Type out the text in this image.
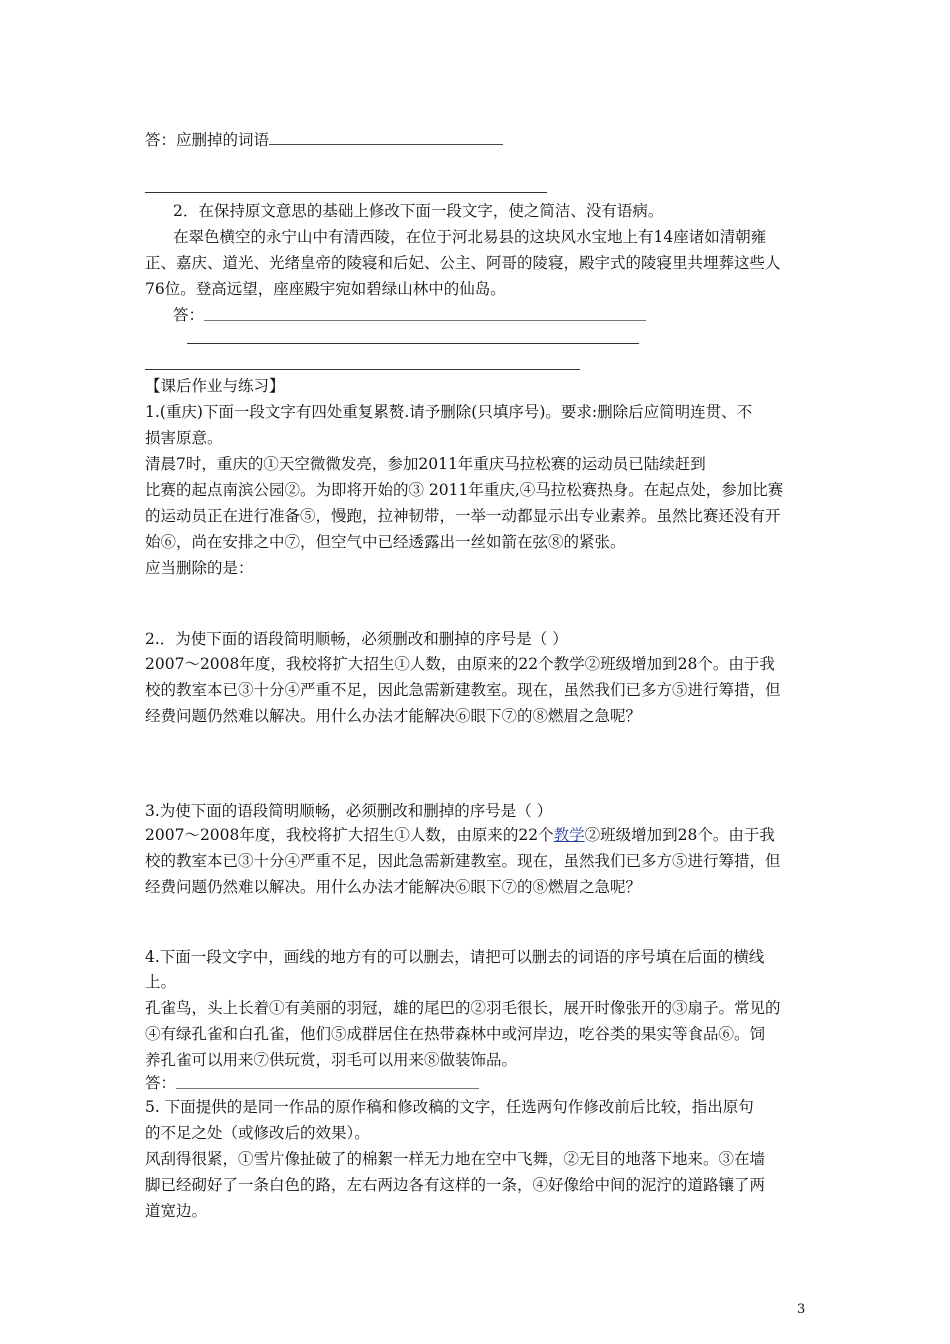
答：应删掉的词语
2．在保持原文意思的基础上修改下面一段文字，使之简洁、没有语病。
在翠色横空的永宁山中有清西陵，在位于河北易县的这块风水宝地上有14座诸如清朝雍
正、嘉庆、道光、光绪皇帝的陵寝和后妃、公主、阿哥的陵寝，殿宇式的陵寝里共埋葬这些人
76位。登高远望，座座殿宇宛如碧绿山林中的仙岛。
答：
【课后作业与练习】
1.(重庆)下面一段文字有四处重复累赘.请予删除(只填序号)。要求:删除后应简明连贯、不
损害原意。
清晨7时，重庆的①天空微微发亮，参加2011年重庆马拉松赛的运动员已陆续赶到
比赛的起点南滨公园②。为即将开始的③ 2011年重庆,④马拉松赛热身。在起点处，参加比赛
的运动员正在进行准备⑤，慢跑，拉神韧带，一举一动都显示出专业素养。虽然比赛还没有开
始⑥，尚在安排之中⑦，但空气中已经透露出一丝如箭在弦⑧的紧张。
应当删除的是：
2.．为使下面的语段简明顺畅，必须删改和删掉的序号是（ ）
2007～2008年度，我校将扩大招生①人数，由原来的22个教学②班级增加到28个。由于我
校的教室本已③十分④严重不足，因此急需新建教室。现在，虽然我们已多方⑤进行筹措，但
经费问题仍然难以解决。用什么办法才能解决⑥眼下⑦的⑧燃眉之急呢？
3.为使下面的语段简明顺畅，必须删改和删掉的序号是（ ）
2007～2008年度，我校将扩大招生①人数，由原来的22个教学②班级增加到28个。由于我
校的教室本已③十分④严重不足，因此急需新建教室。现在，虽然我们已多方⑤进行筹措，但
经费问题仍然难以解决。用什么办法才能解决⑥眼下⑦的⑧燃眉之急呢？
4.下面一段文字中，画线的地方有的可以删去，请把可以删去的词语的序号填在后面的横线
上。
孔雀鸟，头上长着①有美丽的羽冠，雄的尾巴的②羽毛很长，展开时像张开的③扇子。常见的
④有绿孔雀和白孔雀，他们⑤成群居住在热带森林中或河岸边，吃谷类的果实等食品⑥。饲
养孔雀可以用来⑦供玩赏，羽毛可以用来⑧做装饰品。
答：
5. 下面提供的是同一作品的原作稿和修改稿的文字，任选两句作修改前后比较，指出原句
的不足之处（或修改后的效果）。
风刮得很紧，①雪片像扯破了的棉絮一样无力地在空中飞舞，②无目的地落下地来。③在墙
脚已经砌好了一条白色的路，左右两边各有这样的一条，④好像给中间的泥泞的道路镶了两
道宽边。
3
